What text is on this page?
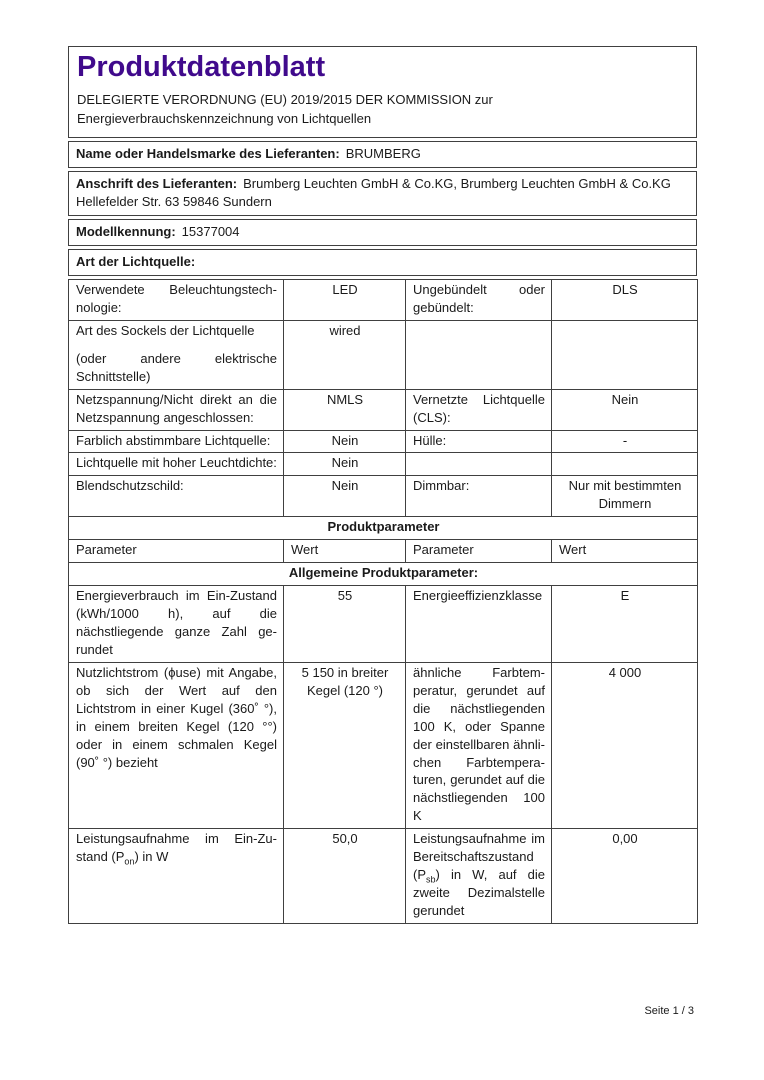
Produktdatenblatt

DELEGIERTE VERORDNUNG (EU) 2019/2015 DER KOMMISSION zur Energieverbrauchskennzeichnung von Lichtquellen

Name oder Handelsmarke des Lieferanten: BRUMBERG
Anschrift des Lieferanten: Brumberg Leuchten GmbH & Co.KG, Brumberg Leuchten GmbH & Co.KG Hellefelder Str. 63 59846 Sundern
Modellkennung: 15377004
Art der Lichtquelle:
Verwendete Beleuchtungstechnologie:	LED	Ungebündelt oder gebündelt:	DLS

Art des Sockels der Lichtquelle

(oder andere elektrische Schnittstelle)	wired		
Netzspannung/Nicht direkt an die Netzspannung angeschlossen:	NMLS	Vernetzte Lichtquelle (CLS):	Nein
Farblich abstimmbare Lichtquelle:	Nein	Hülle:	-
Lichtquelle mit hoher Leuchtdichte:	Nein		
Blendschutzschild:	Nein	Dimmbar:	Nur mit bestimmten Dimmern
Produktparameter			
Parameter	Wert	Parameter	Wert
Allgemeine Produktparameter:			
Energieverbrauch im Ein-Zustand (kWh/1000 h), auf die nächstliegende ganze Zahl gerundet	55	Energieeffizienzklasse	E
Nutzlichtstrom (ϕuse) mit Angabe, ob sich der Wert auf den Lichtstrom in einer Kugel (360˚ °), in einem breiten Kegel (120 °°) oder in einem schmalen Kegel (90˚ °) bezieht	5 150 in breiter Kegel (120 °)	ähnliche Farbtemperatur, gerundet auf die nächstliegenden 100 K, oder Spanne der einstellbaren ähnlichen Farbtemperaturen, gerundet auf die nächstliegenden 100 K	4 000
Leistungsaufnahme im Ein-Zustand $(P_{on})$ in W	50,0	Leistungsaufnahme im Bereitschaftszustand $(P_{sb})$ in W, auf die zweite Dezimalstelle gerundet	0,00
Seite 1 / 3
